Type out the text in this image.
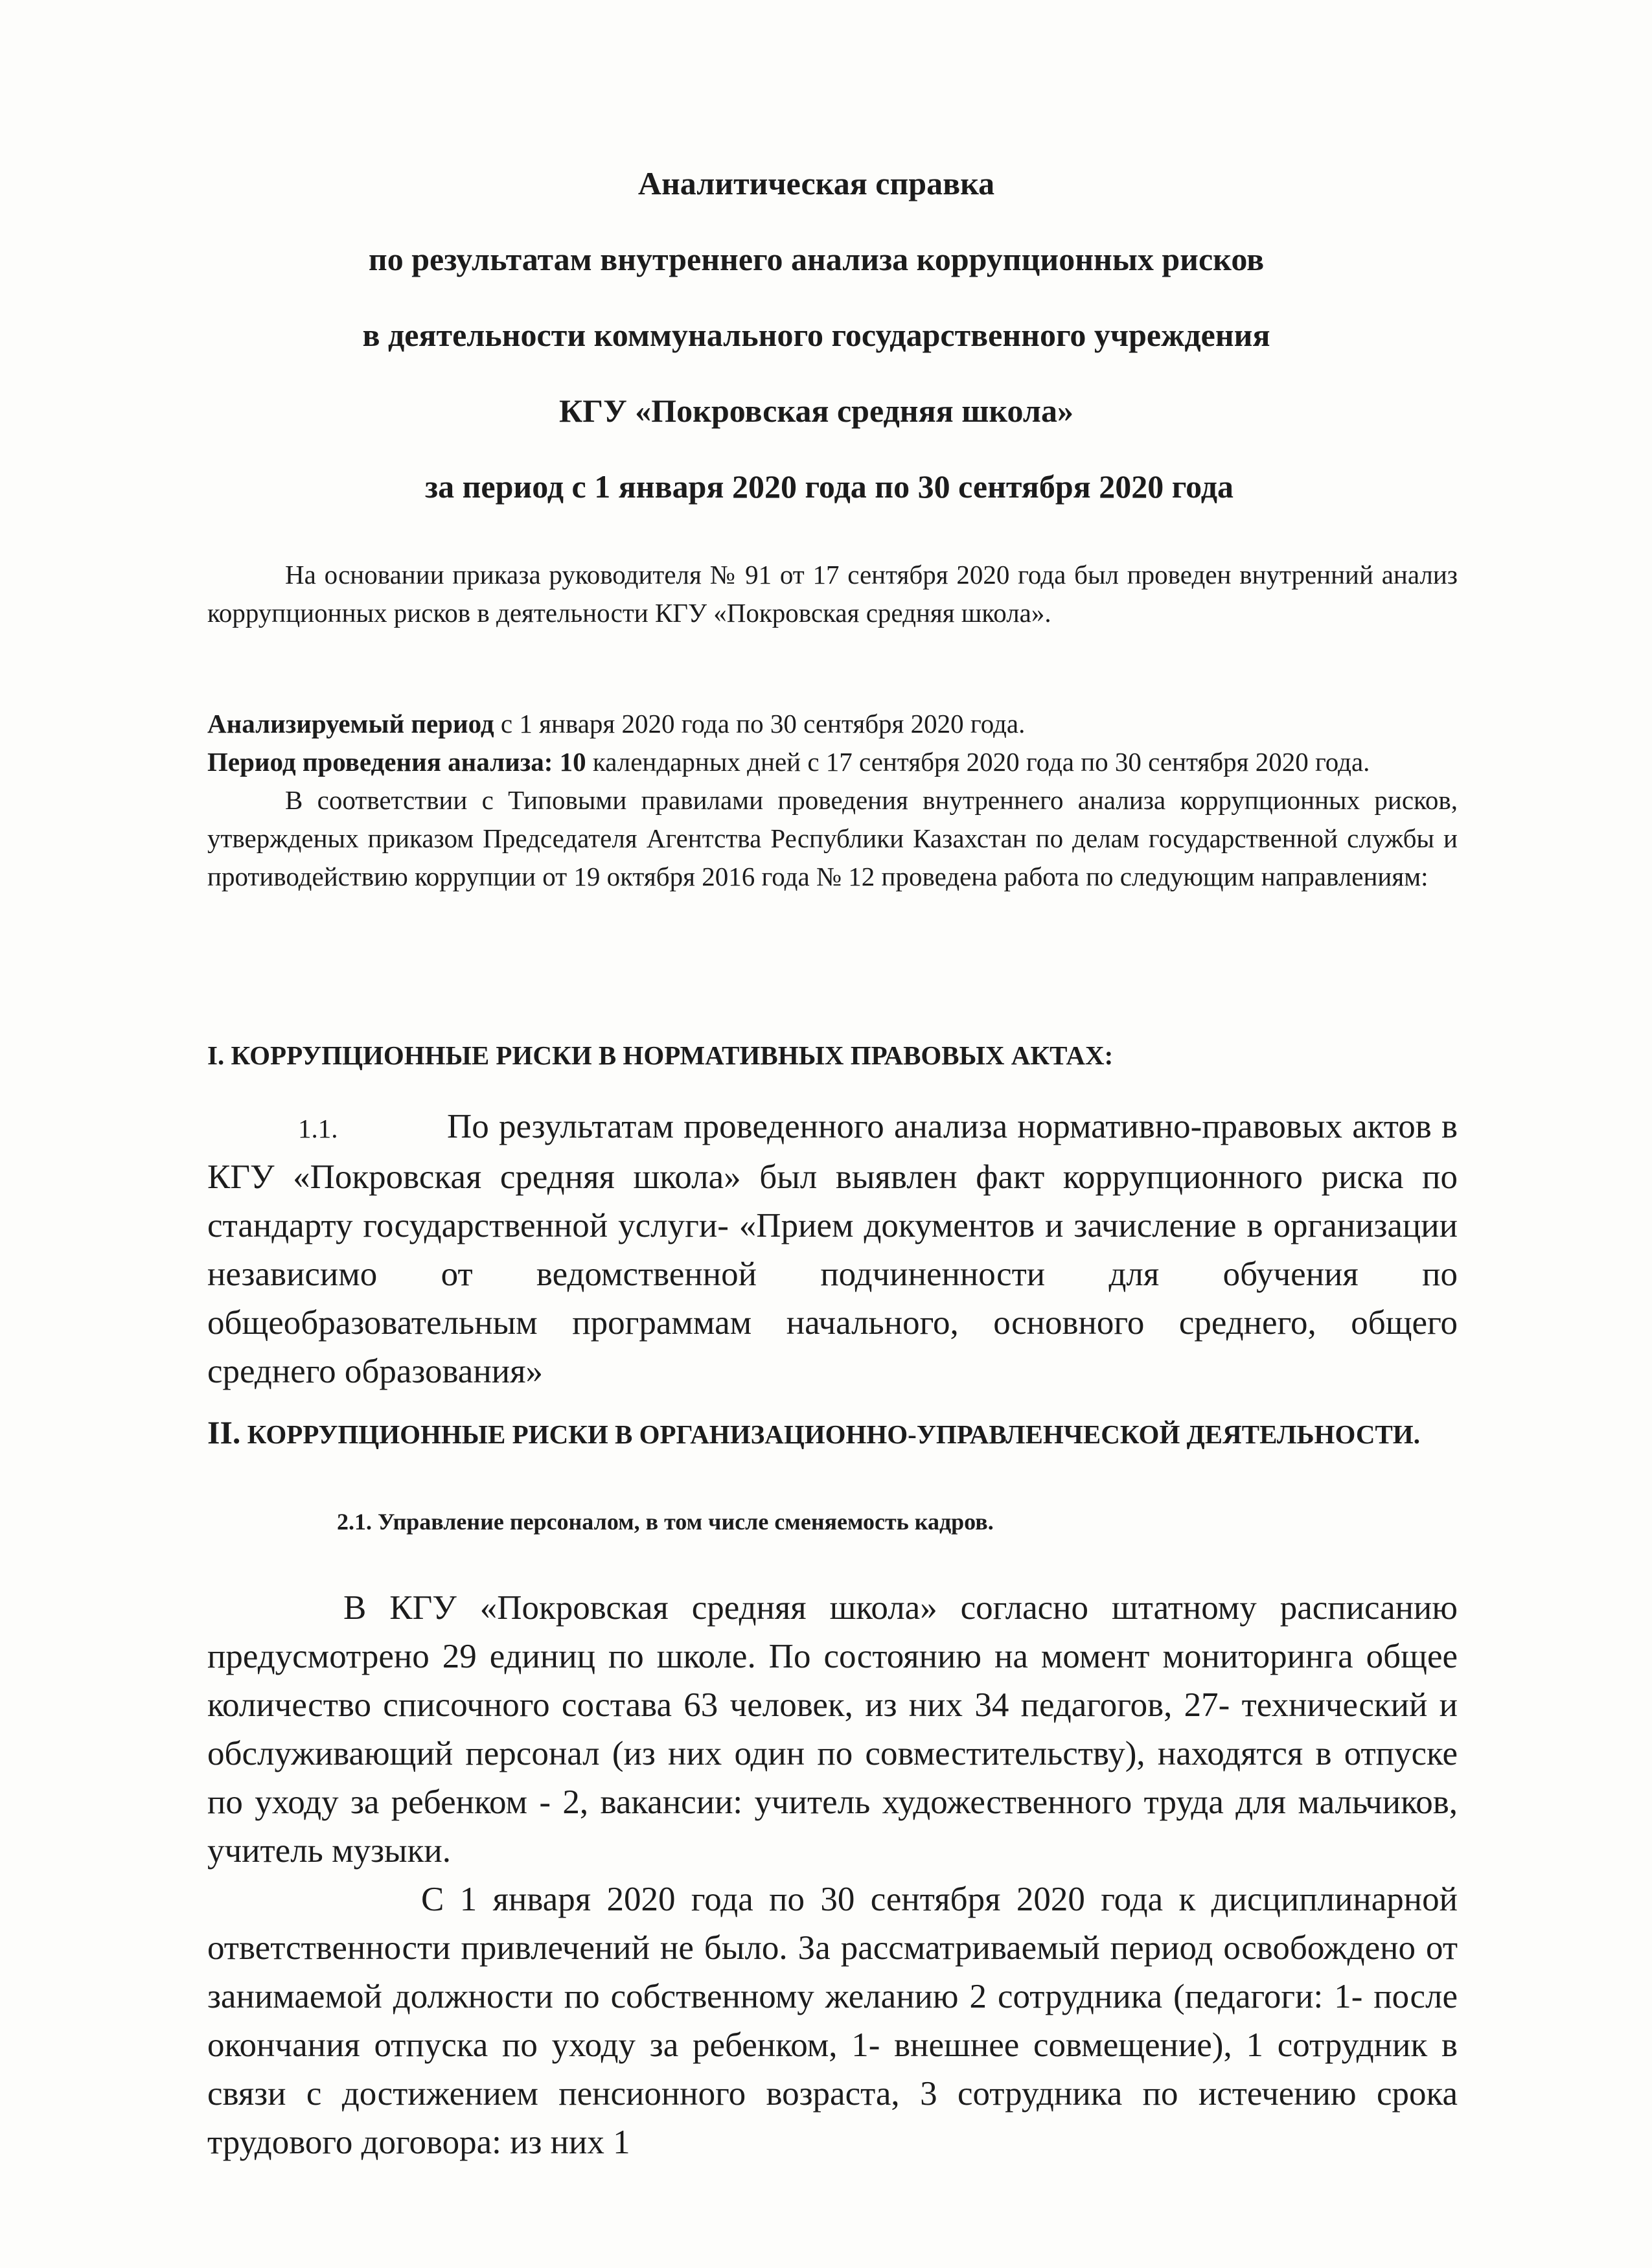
Аналитическая справка
по результатам внутреннего анализа коррупционных рисков
в деятельности коммунального государственного учреждения
КГУ «Покровская средняя школа»
за период с 1 января 2020 года по 30 сентября 2020 года

На основании приказа руководителя № 91 от 17 сентября 2020 года был проведен внутренний анализ коррупционных рисков в деятельности КГУ «Покровская средняя школа».

Анализируемый период с 1 января 2020 года по 30 сентября 2020 года.

Период проведения анализа: 10 календарных дней с 17 сентября 2020 года по 30 сентября 2020 года.

В соответствии с Типовыми правилами проведения внутреннего анализа коррупционных рисков, утвержденых приказом Председателя Агентства Республики Казахстан по делам государственной службы и противодействию коррупции от 19 октября 2016 года № 12 проведена работа по следующим направлениям:

I. КОРРУПЦИОННЫЕ РИСКИ В НОРМАТИВНЫХ ПРАВОВЫХ АКТАХ:

1.1.	По результатам проведенного анализа нормативно-правовых актов в КГУ «Покровская средняя школа» был выявлен факт коррупционного риска по стандарту государственной услуги- «Прием документов и зачисление в организации независимо от ведомственной подчиненности для обучения по общеобразовательным программам начального, основного среднего, общего среднего образования»

II. КОРРУПЦИОННЫЕ РИСКИ В ОРГАНИЗАЦИОННО-УПРАВЛЕНЧЕСКОЙ ДЕЯТЕЛЬНОСТИ.
2.1. Управление персоналом, в том числе сменяемость кадров.

В КГУ «Покровская средняя школа» согласно штатному расписанию предусмотрено 29 единиц по школе. По состоянию на момент мониторинга общее количество списочного состава 63 человек, из них 34 педагогов, 27- технический и обслуживающий персонал (из них один по совместительству), находятся в отпуске по уходу за ребенком - 2, вакансии: учитель художественного труда для мальчиков, учитель музыки.

С 1 января 2020 года по 30 сентября 2020 года к дисциплинарной ответственности привлечений не было. За рассматриваемый период освобождено от занимаемой должности по собственному желанию 2 сотрудника (педагоги: 1- после окончания отпуска по уходу за ребенком, 1- внешнее совмещение), 1 сотрудник в связи с достижением пенсионного возраста, 3 сотрудника по истечению срока трудового договора: из них 1
